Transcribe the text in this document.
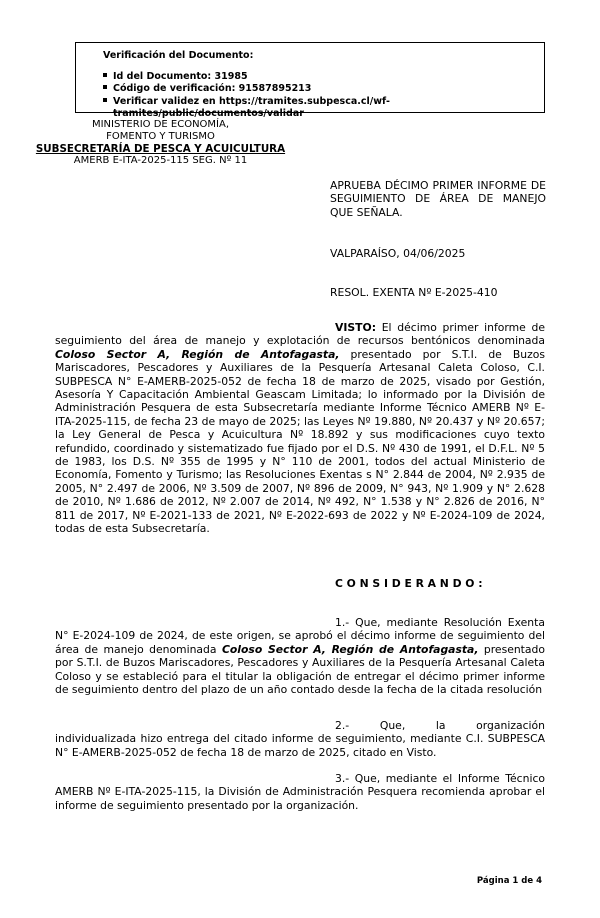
Verificación del Documento:
Id del Documento: 31985
Código de verificación: 91587895213
Verificar validez en https://tramites.subpesca.cl/wf-tramites/public/documentos/validar
MINISTERIO DE ECONOMÍA,
FOMENTO Y TURISMO
SUBSECRETARÍA DE PESCA Y ACUICULTURA
AMERB E-ITA-2025-115 SEG. Nº 11
APRUEBA DÉCIMO PRIMER INFORME DE SEGUIMIENTO DE ÁREA DE MANEJO QUE SEÑALA.
VALPARAÍSO, 04/06/2025
RESOL. EXENTA Nº E-2025-410
VISTO: El décimo primer informe de seguimiento del área de manejo y explotación de recursos bentónicos denominada Coloso Sector A, Región de Antofagasta, presentado por S.T.I. de Buzos Mariscadores, Pescadores y Auxiliares de la Pesquería Artesanal Caleta Coloso, C.I. SUBPESCA N° E-AMERB-2025-052 de fecha 18 de marzo de 2025, visado por Gestión, Asesoría Y Capacitación Ambiental Geascam Limitada; lo informado por la División de Administración Pesquera de esta Subsecretaría mediante Informe Técnico AMERB Nº E-ITA-2025-115, de fecha 23 de mayo de 2025; las Leyes Nº 19.880, Nº 20.437 y Nº 20.657; la Ley General de Pesca y Acuicultura Nº 18.892 y sus modificaciones cuyo texto refundido, coordinado y sistematizado fue fijado por el D.S. Nº 430 de 1991, el D.F.L. Nº 5 de 1983, los D.S. Nº 355 de 1995 y N° 110 de 2001, todos del actual Ministerio de Economía, Fomento y Turismo; las Resoluciones Exentas s N° 2.844 de 2004, Nº 2.935 de 2005, N° 2.497 de 2006, Nº 3.509 de 2007, Nº 896 de 2009, N° 943, Nº 1.909 y N° 2.628 de 2010, Nº 1.686 de 2012, Nº 2.007 de 2014, Nº 492, N° 1.538 y N° 2.826 de 2016, N° 811 de 2017, Nº E-2021-133 de 2021, Nº E-2022-693 de 2022 y Nº E-2024-109 de 2024, todas de esta Subsecretaría.
C O N S I D E R A N D O :
1.- Que, mediante Resolución Exenta N° E-2024-109 de 2024, de este origen, se aprobó el décimo informe de seguimiento del área de manejo denominada Coloso Sector A, Región de Antofagasta, presentado por S.T.I. de Buzos Mariscadores, Pescadores y Auxiliares de la Pesquería Artesanal Caleta Coloso y se estableció para el titular la obligación de entregar el décimo primer informe de seguimiento dentro del plazo de un año contado desde la fecha de la citada resolución
2.- Que, la organización individualizada hizo entrega del citado informe de seguimiento, mediante C.I. SUBPESCA N° E-AMERB-2025-052 de fecha 18 de marzo de 2025, citado en Visto.
3.- Que, mediante el Informe Técnico AMERB Nº E-ITA-2025-115, la División de Administración Pesquera recomienda aprobar el informe de seguimiento presentado por la organización.
Página 1 de 4
